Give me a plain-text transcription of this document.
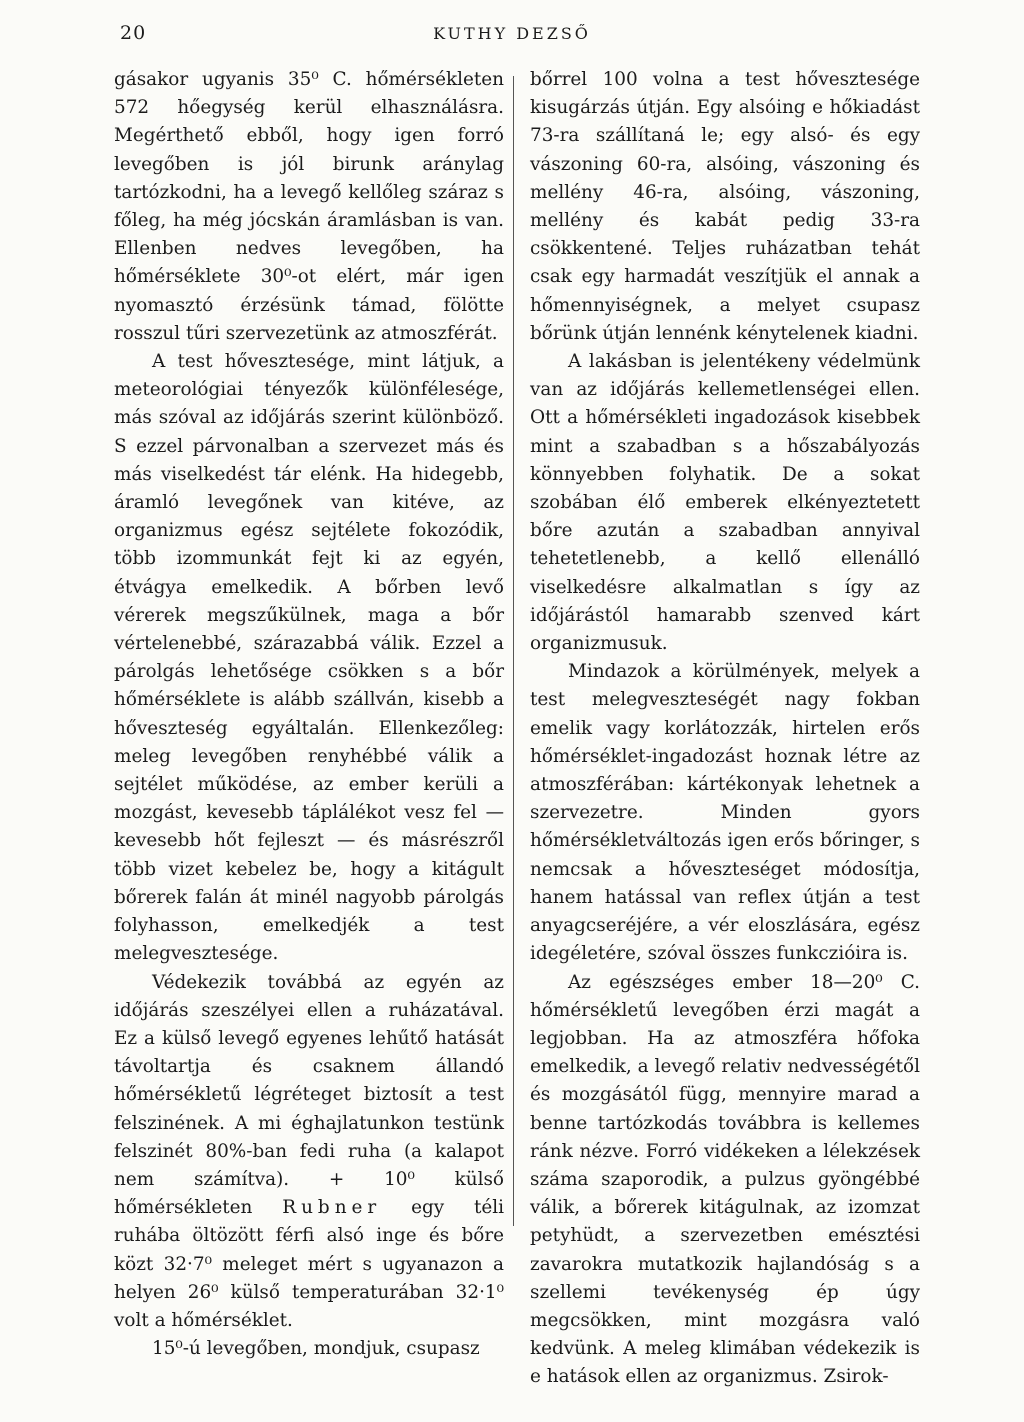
20	KUTHY DEZSŐ

gásakor ugyanis 35⁰ C. hőmérsékleten 572 hőegység kerül elhasználásra. Megérthető ebből, hogy igen forró levegőben is jól birunk aránylag tartózkodni, ha a levegő kellőleg száraz s főleg, ha még jócskán áramlásban is van. Ellenben nedves levegőben, ha hőmérséklete 30⁰-ot elért, már igen nyomasztó érzésünk támad, fölötte rosszul tűri szervezetünk az atmoszférát.

A test hővesztesége, mint látjuk, a meteorológiai tényezők különfélesége, más szóval az időjárás szerint különböző. S ezzel párvonalban a szervezet más és más viselkedést tár elénk. Ha hidegebb, áramló levegőnek van kitéve, az organizmus egész sejtélete fokozódik, több izommunkát fejt ki az egyén, étvágya emelkedik. A bőrben levő vérerek megszűkülnek, maga a bőr vértelenebbé, szárazabbá válik. Ezzel a párolgás lehetősége csökken s a bőr hőmérséklete is alább szállván, kisebb a hőveszteség egyáltalán. Ellenkezőleg: meleg levegőben renyhébbé válik a sejtélet működése, az ember kerüli a mozgást, kevesebb táplálékot vesz fel — kevesebb hőt fejleszt — és másrészről több vizet kebelez be, hogy a kitágult bőrerek falán át minél nagyobb párolgás folyhasson, emelkedjék a test melegvesztesége.

Védekezik továbbá az egyén az időjárás szeszélyei ellen a ruházatával. Ez a külső levegő egyenes lehűtő hatását távoltartja és csaknem állandó hőmérsékletű légréteget biztosít a test felszinének. A mi éghajlatunkon testünk felszinét 80%-ban fedi ruha (a kalapot nem számítva). + 10⁰ külső hőmérsékleten Rubner egy téli ruhába öltözött férfi alsó inge és bőre közt 32·7⁰ meleget mért s ugyanazon a helyen 26⁰ külső temperaturában 32·1⁰ volt a hőmérséklet.

15⁰-ú levegőben, mondjuk, csupasz

bőrrel 100 volna a test hővesztesége kisugárzás útján. Egy alsóing e hőkiadást 73-ra szállítaná le; egy alsó- és egy vászoning 60-ra, alsóing, vászoning és mellény 46-ra, alsóing, vászoning, mellény és kabát pedig 33-ra csökkentené. Teljes ruházatban tehát csak egy harmadát veszítjük el annak a hőmennyiségnek, a melyet csupasz bőrünk útján lennénk kénytelenek kiadni.

A lakásban is jelentékeny védelmünk van az időjárás kellemetlenségei ellen. Ott a hőmérsékleti ingadozások kisebbek mint a szabadban s a hőszabályozás könnyebben folyhatik. De a sokat szobában élő emberek elkényeztetett bőre azután a szabadban annyival tehetetlenebb, a kellő ellenálló viselkedésre alkalmatlan s így az időjárástól hamarabb szenved kárt organizmusuk.

Mindazok a körülmények, melyek a test melegveszteségét nagy fokban emelik vagy korlátozzák, hirtelen erős hőmérséklet-ingadozást hoznak létre az atmoszférában: kártékonyak lehetnek a szervezetre. Minden gyors hőmérsékletváltozás igen erős bőringer, s nemcsak a hőveszteséget módosítja, hanem hatással van reflex útján a test anyagcseréjére, a vér eloszlására, egész idegéletére, szóval összes funkczióira is.

Az egészséges ember 18—20⁰ C. hőmérsékletű levegőben érzi magát a legjobban. Ha az atmoszféra hőfoka emelkedik, a levegő relativ nedvességétől és mozgásától függ, mennyire marad a benne tartózkodás továbbra is kellemes ránk nézve. Forró vidékeken a lélekzések száma szaporodik, a pulzus gyöngébbé válik, a bőrerek kitágulnak, az izomzat petyhüdt, a szervezetben emésztési zavarokra mutatkozik hajlandóság s a szellemi tevékenység ép úgy megcsökken, mint mozgásra való kedvünk. A meleg klimában védekezik is e hatások ellen az organizmus. Zsirok-
